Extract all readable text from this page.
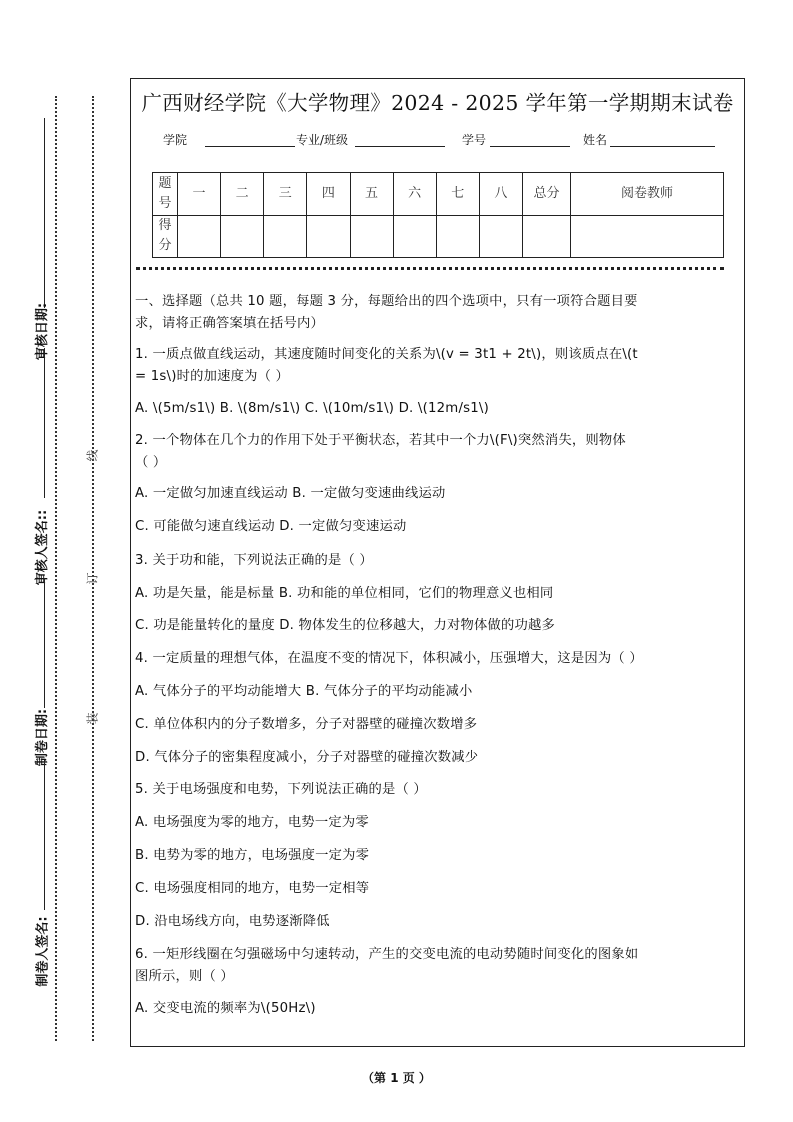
审核日期:
审核人签名::
制卷日期:
制卷人签名:
线
订
装
广西财经学院《大学物理》2024 - 2025 学年第一学期期末试卷
学院	专业/班级	学号	姓名
题号	一	二	三	四	五	六	七	八	总分	阅卷教师
得分										
一、选择题（总共 10 题，每题 3 分，每题给出的四个选项中，只有一项符合题目要
求，请将正确答案填在括号内）
1. 一质点做直线运动，其速度随时间变化的关系为\(v = 3t1 + 2t\)，则该质点在\(t
= 1s\)时的加速度为（ ）
A. \(5m/s1\) B. \(8m/s1\) C. \(10m/s1\) D. \(12m/s1\)
2. 一个物体在几个力的作用下处于平衡状态，若其中一个力\(F\)突然消失，则物体
（ ）
A. 一定做匀加速直线运动 B. 一定做匀变速曲线运动
C. 可能做匀速直线运动 D. 一定做匀变速运动
3. 关于功和能，下列说法正确的是（ ）
A. 功是矢量，能是标量 B. 功和能的单位相同，它们的物理意义也相同
C. 功是能量转化的量度 D. 物体发生的位移越大，力对物体做的功越多
4. 一定质量的理想气体，在温度不变的情况下，体积减小，压强增大，这是因为（ ）
A. 气体分子的平均动能增大 B. 气体分子的平均动能减小
C. 单位体积内的分子数增多，分子对器壁的碰撞次数增多
D. 气体分子的密集程度减小，分子对器壁的碰撞次数减少
5. 关于电场强度和电势，下列说法正确的是（ ）
A. 电场强度为零的地方，电势一定为零
B. 电势为零的地方，电场强度一定为零
C. 电场强度相同的地方，电势一定相等
D. 沿电场线方向，电势逐渐降低
6. 一矩形线圈在匀强磁场中匀速转动，产生的交变电流的电动势随时间变化的图象如
图所示，则（ ）
A. 交变电流的频率为\(50Hz\)
（第 1 页 ）
